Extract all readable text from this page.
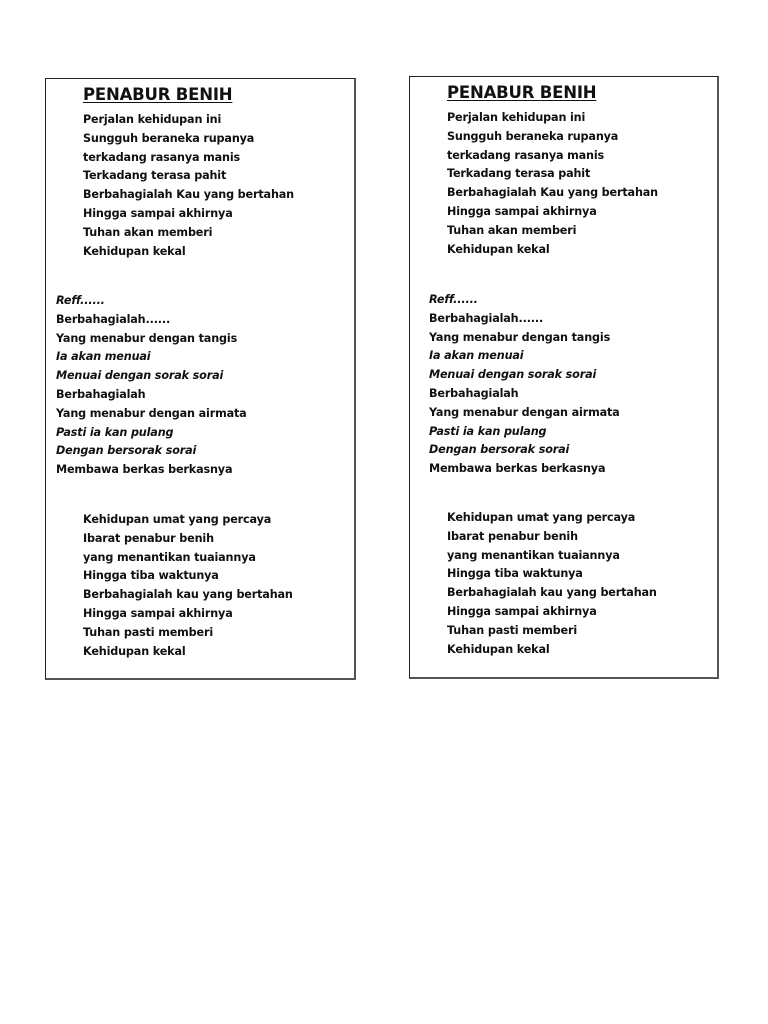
PENABUR BENIH
Perjalan kehidupan ini
Sungguh beraneka rupanya
terkadang rasanya manis
Terkadang terasa pahit
Berbahagialah Kau yang bertahan
Hingga sampai akhirnya
Tuhan akan memberi
Kehidupan kekal
Reff......
Berbahagialah......
Yang menabur dengan tangis
Ia akan menuai
Menuai dengan sorak sorai
Berbahagialah
Yang menabur dengan airmata
Pasti ia kan pulang
Dengan bersorak sorai
Membawa berkas berkasnya
Kehidupan umat yang percaya
Ibarat penabur benih
yang menantikan tuaiannya
Hingga tiba waktunya
Berbahagialah kau yang bertahan
Hingga sampai akhirnya
Tuhan pasti memberi
Kehidupan kekal
PENABUR BENIH
Perjalan kehidupan ini
Sungguh beraneka rupanya
terkadang rasanya manis
Terkadang terasa pahit
Berbahagialah Kau yang bertahan
Hingga sampai akhirnya
Tuhan akan memberi
Kehidupan kekal
Reff......
Berbahagialah......
Yang menabur dengan tangis
Ia akan menuai
Menuai dengan sorak sorai
Berbahagialah
Yang menabur dengan airmata
Pasti ia kan pulang
Dengan bersorak sorai
Membawa berkas berkasnya
Kehidupan umat yang percaya
Ibarat penabur benih
yang menantikan tuaiannya
Hingga tiba waktunya
Berbahagialah kau yang bertahan
Hingga sampai akhirnya
Tuhan pasti memberi
Kehidupan kekal
